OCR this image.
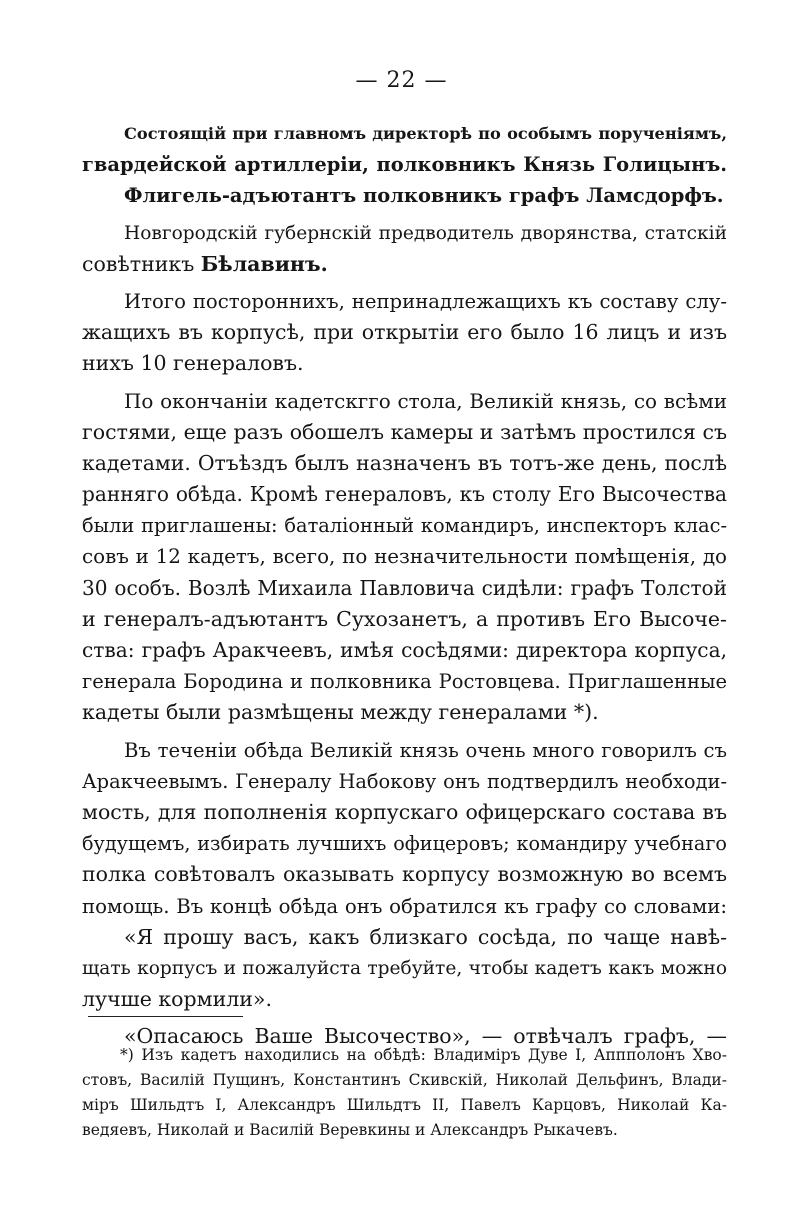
— 22 —
Состоящій при главномъ директорѣ по особымъ порученіямъ,
гвардейской артиллеріи, полковникъ Князь Голицынъ.
Флигель-адъютантъ полковникъ графъ Ламсдорфъ.
Новгородскій губернскій предводитель дворянства, статскій
совѣтникъ Бѣлавинъ.
Итого постороннихъ, непринадлежащихъ къ составу слу-
жащихъ въ корпусѣ, при открытіи его было 16 лицъ и изъ
нихъ 10 генераловъ.
По окончаніи кадетскгго стола, Великій князь, со всѣми
гостями, еще разъ обошелъ камеры и затѣмъ простился съ
кадетами. Отъѣздъ былъ назначенъ въ тотъ-же день, послѣ
ранняго обѣда. Кромѣ генераловъ, къ столу Его Высочества
были приглашены: баталіонный командиръ, инспекторъ клас-
совъ и 12 кадетъ, всего, по незначительности помѣщенія, до
30 особъ. Возлѣ Михаила Павловича сидѣли: графъ Толстой
и генералъ-адъютантъ Сухозанетъ, а противъ Его Высоче-
ства: графъ Аракчеевъ, имѣя сосѣдями: директора корпуса,
генерала Бородина и полковника Ростовцева. Приглашенные
кадеты были размѣщены между генералами *).
Въ теченіи обѣда Великій князь очень много говорилъ съ
Аракчеевымъ. Генералу Набокову онъ подтвердилъ необходи-
мость, для пополненія корпускаго офицерскаго состава въ
будущемъ, избирать лучшихъ офицеровъ; командиру учебнаго
полка совѣтовалъ оказывать корпусу возможную во всемъ
помощь. Въ концѣ обѣда онъ обратился къ графу со словами:
«Я прошу васъ, какъ близкаго сосѣда, по чаще навѣ-
щать корпусъ и пожалуйста требуйте, чтобы кадетъ какъ можно
лучше кормили».
«Опасаюсь Ваше Высочество», — отвѣчалъ графъ, —
*) Изъ кадетъ находились на обѣдѣ: Владиміръ Дуве I, Аппполонъ Хво-
стовъ, Василій Пущинъ, Константинъ Скивскій, Николай Дельфинъ, Влади-
міръ Шильдтъ I, Александръ Шильдтъ II, Павелъ Карцовъ, Николай Ка-
ведяевъ, Николай и Василій Веревкины и Александръ Рыкачевъ.
